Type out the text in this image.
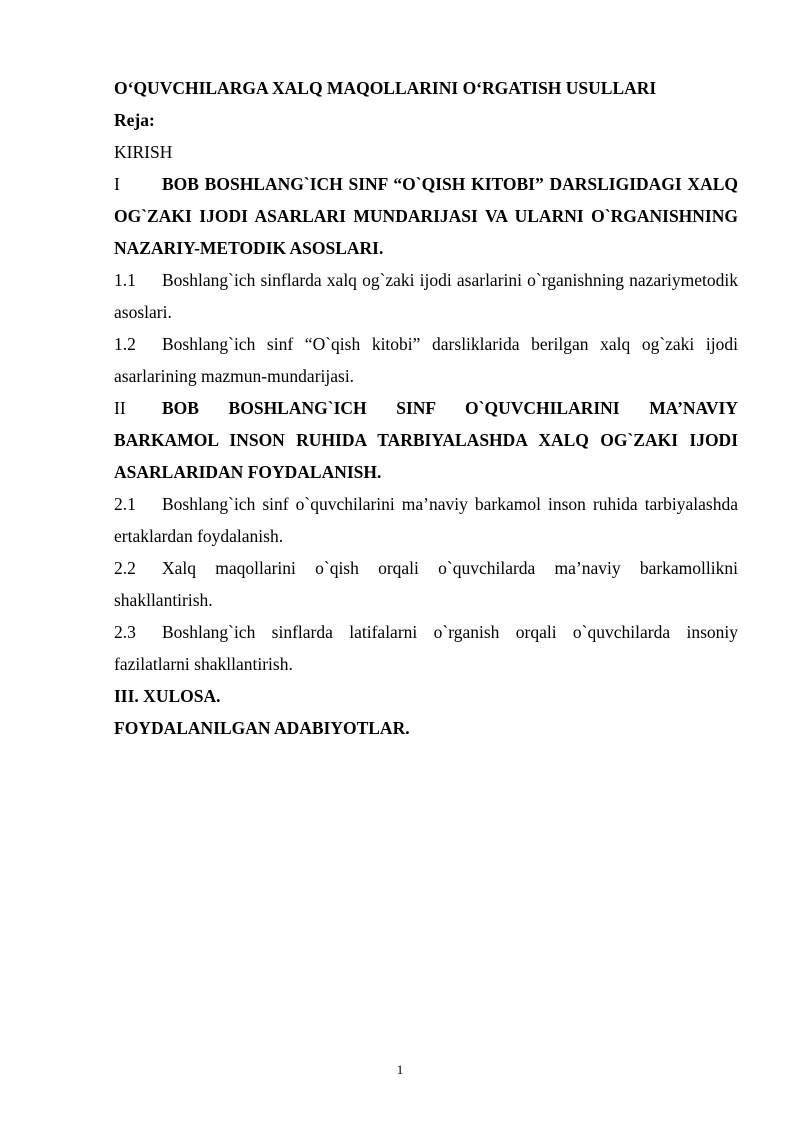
O‘QUVCHILARGA XALQ MAQOLLARINI O‘RGATISH USULLARI

Reja:

KIRISH

I BOB BOSHLANG`ICH SINF “O`QISH KITOBI” DARSLIGIDAGI XALQ OG`ZAKI IJODI ASARLARI MUNDARIJASI VA ULARNI O`RGANISHNING NAZARIY-METODIK ASOSLARI.

1.1 Boshlang`ich sinflarda xalq og`zaki ijodi asarlarini o`rganishning nazariymetodik asoslari.

1.2 Boshlang`ich sinf “O`qish kitobi” darsliklarida berilgan xalq og`zaki ijodi asarlarining mazmun-mundarijasi.

II BOB BOSHLANG`ICH SINF O`QUVCHILARINI MA’NAVIY BARKAMOL INSON RUHIDA TARBIYALASHDA XALQ OG`ZAKI IJODI ASARLARIDAN FOYDALANISH.

2.1 Boshlang`ich sinf o`quvchilarini ma’naviy barkamol inson ruhida tarbiyalashda ertaklardan foydalanish.

2.2 Xalq maqollarini o`qish orqali o`quvchilarda ma’naviy barkamollikni shakllantirish.

2.3 Boshlang`ich sinflarda latifalarni o`rganish orqali o`quvchilarda insoniy fazilatlarni shakllantirish.

III. XULOSA.

FOYDALANILGAN ADABIYOTLAR.

1
